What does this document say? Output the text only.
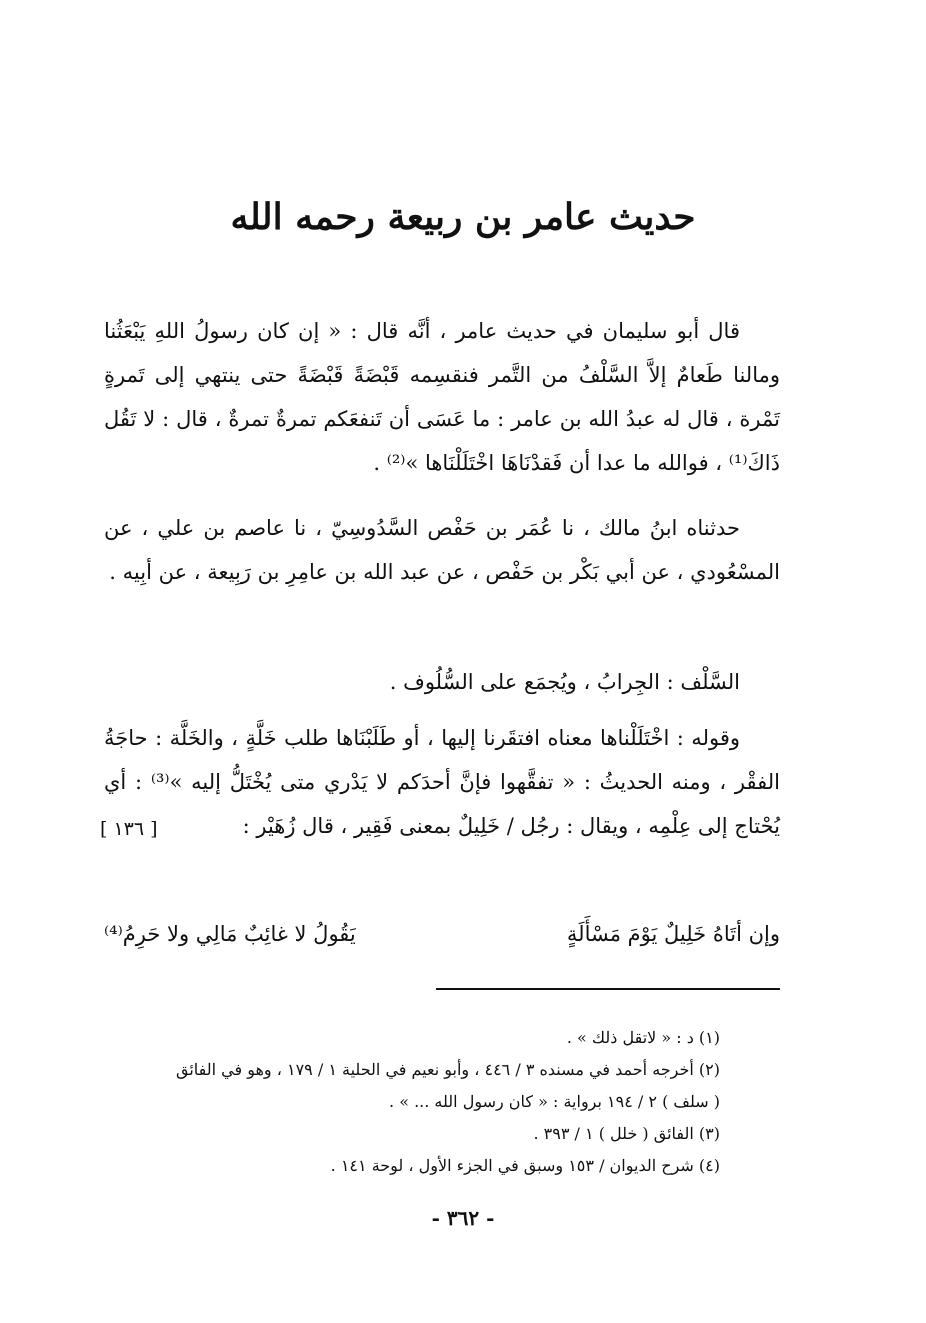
حديث عامر بن ربيعة رحمه الله

قال أبو سليمان في حديث عامر ، أنَّه قال : « إن كان رسولُ اللهِ يَبْعَثُنا ومالنا طَعامٌ إلاَّ السَّلْفُ من التَّمر فنقسِمه قَبْضَةً قَبْضَةً حتى ينتهي إلى تَمرةٍ تَمْرة ، قال له عبدُ الله بن عامر : ما عَسَى أن تَنفعَكم تمرةٌ تمرةٌ ، قال : لا تَقُل ذَاكَ⁽¹⁾ ، فوالله ما عدا أن فَقدْنَاهَا اخْتَلَلْنَاها »⁽²⁾ .

حدثناه ابنُ مالك ، نا عُمَر بن حَفْص السَّدُوسِيّ ، نا عاصم بن علي ، عن المسْعُودي ، عن أبي بَكْر بن حَفْص ، عن عبد الله بن عامِرِ بن رَبِيعة ، عن أبِيه .

السَّلْف : الجِرابُ ، ويُجمَع على السُّلُوف .

وقوله : اخْتَلَلْناها معناه افتقَرنا إليها ، أو طَلَبْنَاها طلب خَلَّةٍ ، والخَلَّة : حاجَةُ الفقْر ، ومنه الحديثُ : « تفقَّهوا فإنَّ أحدَكم لا يَدْري متى يُخْتَلُّ إليه »⁽³⁾ : أي يُحْتاج إلى عِلْمِه ، ويقال : رجُل / خَلِيلٌ بمعنى فَقِير ، قال زُهَيْر :

[ ١٣٦ ]
وإن أتَاهُ خَلِيلٌ يَوْمَ مَسْأَلَةٍ
يَقُولُ لا غائِبٌ مَالِي ولا حَرِمُ⁽⁴⁾

(١) د : « لاتقل ذلك » .

(٢) أخرجه أحمد في مسنده ٣ / ٤٤٦ ، وأبو نعيم في الحلية ١ / ١٧٩ ، وهو في الفائق

( سلف ) ٢ / ١٩٤ برواية : « كان رسول الله ... » .

(٣) الفائق ( خلل ) ١ / ٣٩٣ .

(٤) شرح الديوان / ١٥٣ وسبق في الجزء الأول ، لوحة ١٤١ .

- ٣٦٢ -
